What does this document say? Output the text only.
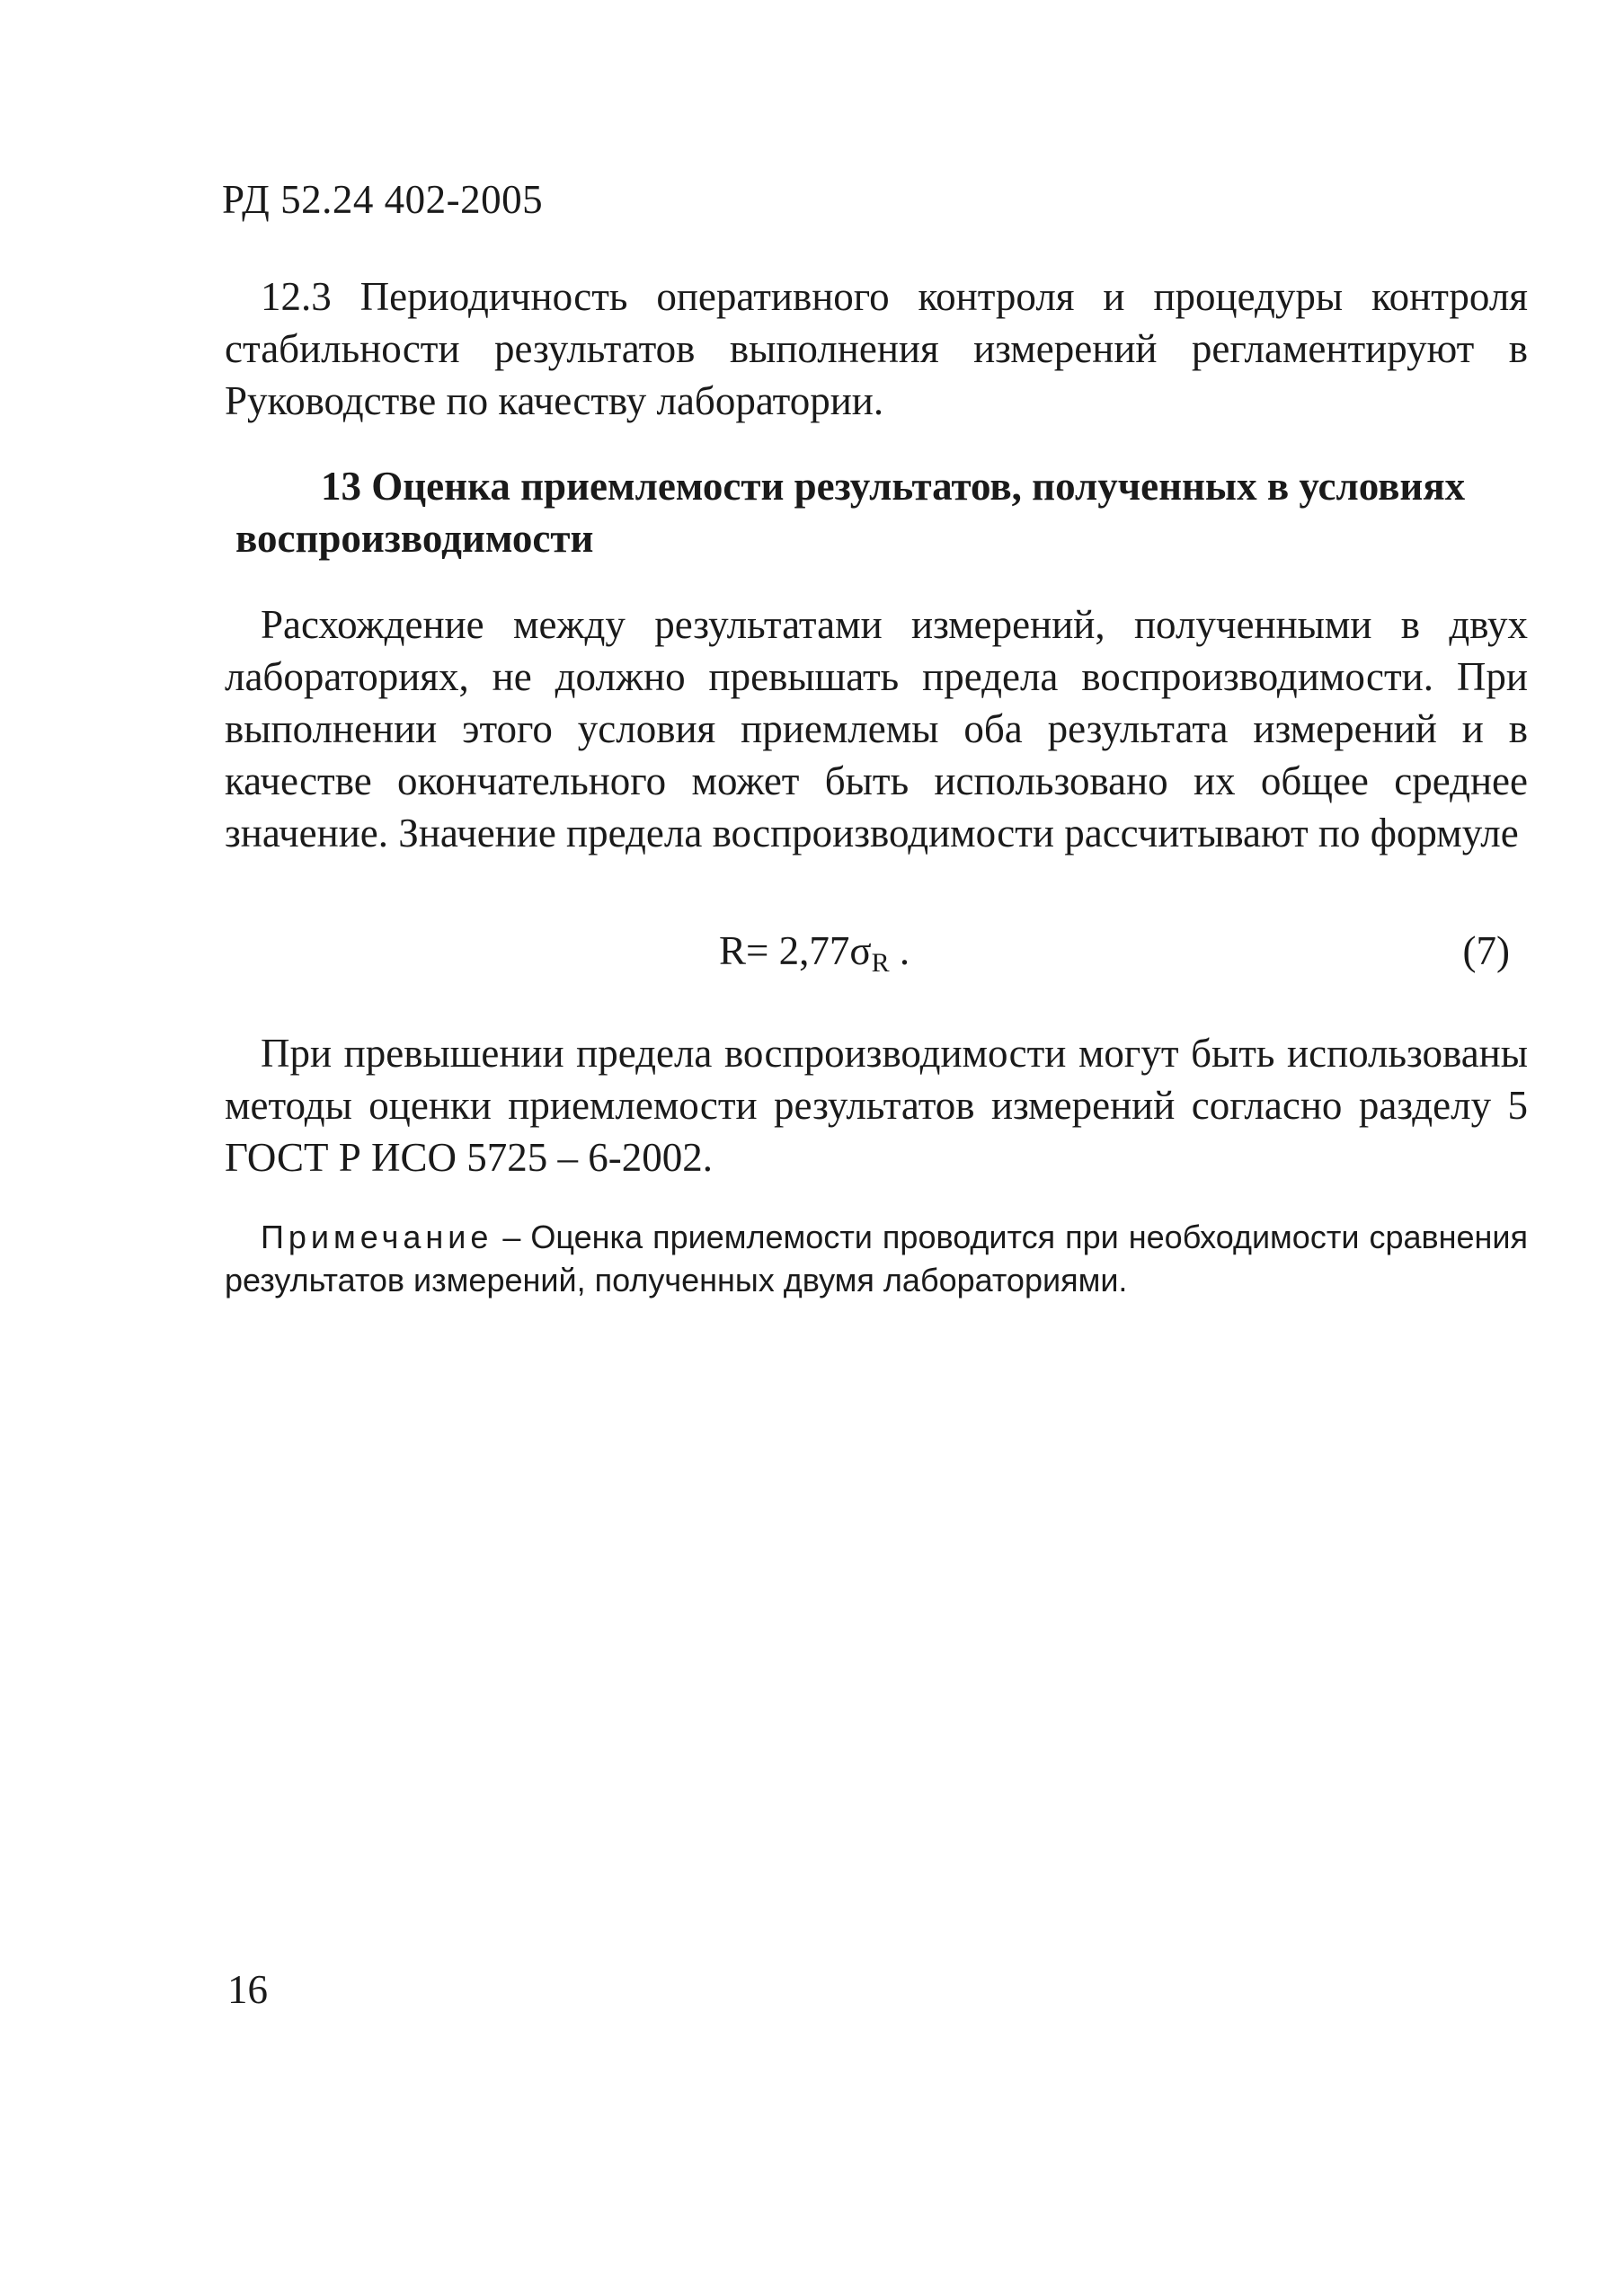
РД 52.24 402-2005

12.3 Периодичность оперативного контроля и процедуры контроля стабильности результатов выполнения измерений регламентируют в Руководстве по качеству лаборатории.

13 Оценка приемлемости результатов, полученных в условиях воспроизводимости

Расхождение между результатами измерений, полученными в двух лабораториях, не должно превышать предела воспроизводимости. При выполнении этого условия приемлемы оба результата измерений и в качестве окончательного может быть использовано их общее среднее значение. Значение предела воспроизводимости рассчитывают по формуле

$R= 2,77\sigma_R$ .	(7)

При превышении предела воспроизводимости могут быть использованы методы оценки приемлемости результатов измерений согласно разделу 5 ГОСТ Р ИСО 5725 – 6-2002.

Примечание – Оценка приемлемости проводится при необходимости сравнения результатов измерений, полученных двумя лабораториями.

16
